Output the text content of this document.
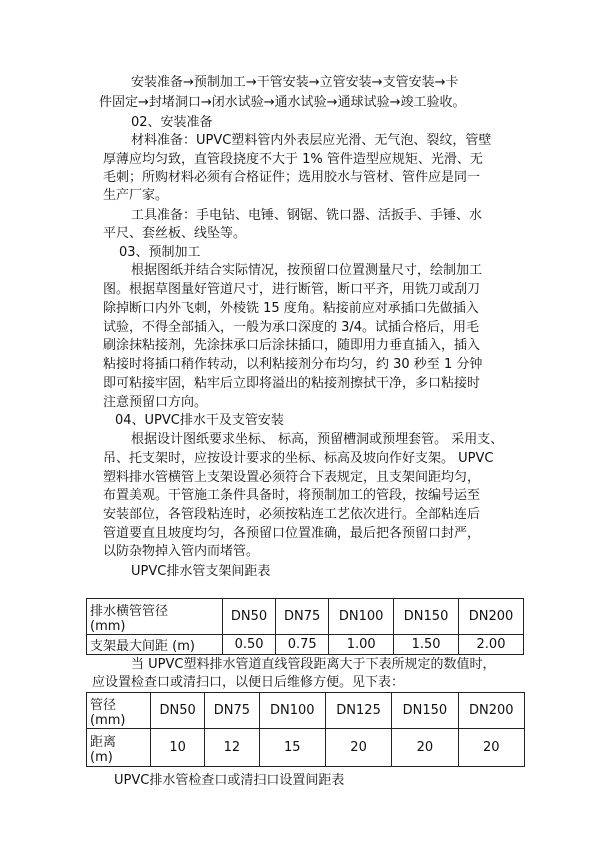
安装准备→预制加工→干管安装→立管安装→支管安装→卡
件固定→封堵洞口→闭水试验→通水试验→通球试验→竣工验收。
02、安装准备
材料准备：UPVC塑料管内外表层应光滑、无气泡、裂纹，管壁
厚薄应均匀致，直管段挠度不大于 1% 管件造型应规矩、光滑、无
毛刺；所购材料必须有合格证件；选用胶水与管材、管件应是同一
生产厂家。
工具准备：手电钻、电锤、钢锯、铣口器、活扳手、手锤、水
平尺、套丝板、线坠等。
03、预制加工
根据图纸并结合实际情况，按预留口位置测量尺寸，绘制加工
图。根据草图量好管道尺寸，进行断管，断口平齐，用铣刀或刮刀
除掉断口内外飞刺，外棱铣 15 度角。粘接前应对承插口先做插入
试验，不得全部插入，一般为承口深度的 3/4。试插合格后，用毛
刷涂抹粘接剂，先涂抹承口后涂抹插口，随即用力垂直插入，插入
粘接时将插口稍作转动，以利粘接剂分布均匀，约 30 秒至 1 分钟
即可粘接牢固，粘牢后立即将溢出的粘接剂擦拭干净，多口粘接时
注意预留口方向。
04、UPVC排水干及支管安装
根据设计图纸要求坐标、 标高，预留槽洞或预埋套管。 采用支、
吊、托支架时，应按设计要求的坐标、标高及坡向作好支架。 UPVC
塑料排水管横管上支架设置必须符合下表规定，且支架间距均匀，
布置美观。干管施工条件具备时，将预制加工的管段，按编号运至
安装部位，各管段粘连时，必须按粘连工艺依次进行。全部粘连后
管道要直且坡度均匀，各预留口位置准确，最后把各预留口封严，
以防杂物掉入管内而堵管。
UPVC排水管支架间距表
排水横管管径
(mm)	DN50	DN75	DN100	DN150	DN200
支架最大间距 (m)	0.50	0.75	1.00	1.50	2.00
当 UPVC塑料排水管道直线管段距离大于下表所规定的数值时，
应设置检查口或清扫口，以便日后维修方便。见下表：
管径
(mm)	DN50	DN75	DN100	DN125	DN150	DN200

距离
(m)	10	12	15	20	20	20
UPVC排水管检查口或清扫口设置间距表
